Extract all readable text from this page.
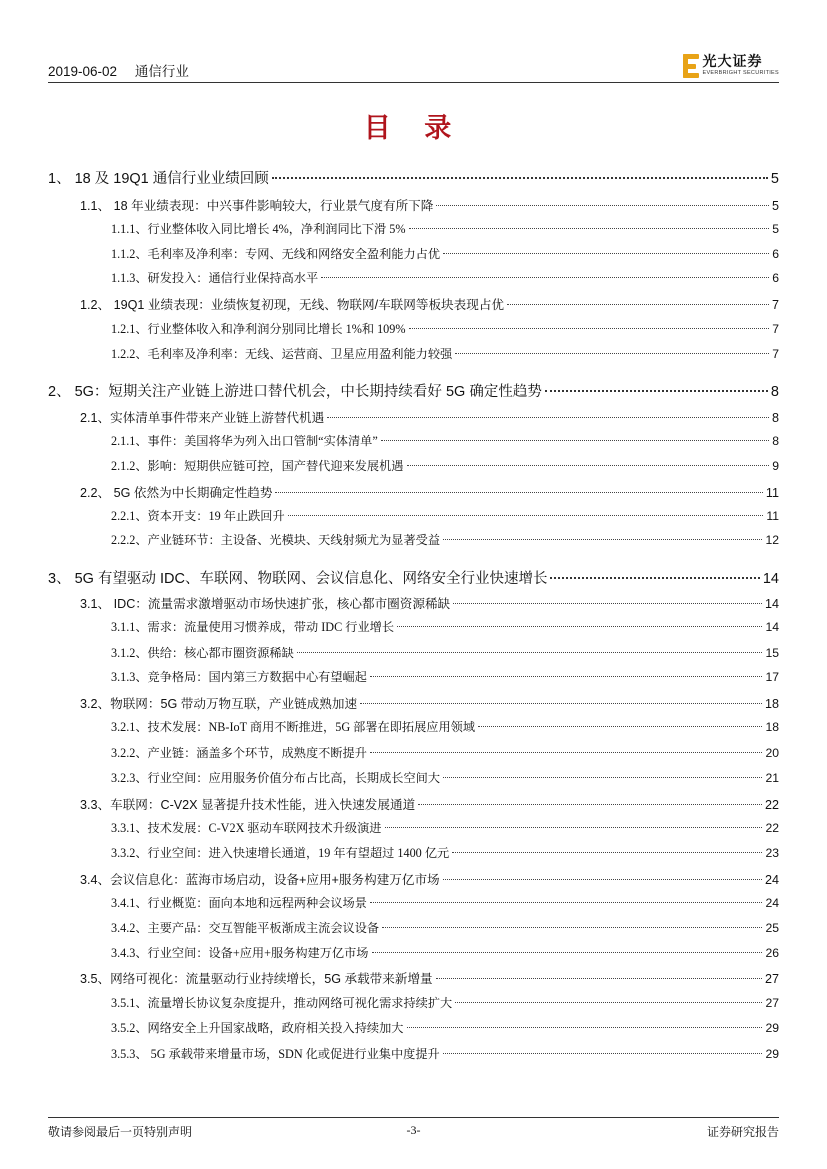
2019-06-02 通信行业
光大证券
EVERBRIGHT SECURITIES
目 录
1、 18 及 19Q1 通信行业业绩回顾	5
1.1、 18 年业绩表现：中兴事件影响较大，行业景气度有所下降	5
1.1.1、行业整体收入同比增长 4%，净利润同比下滑 5%	5
1.1.2、毛利率及净利率：专网、无线和网络安全盈利能力占优	6
1.1.3、研发投入：通信行业保持高水平	6
1.2、 19Q1 业绩表现：业绩恢复初现，无线、物联网/车联网等板块表现占优	7
1.2.1、行业整体收入和净利润分别同比增长 1%和 109%	7
1.2.2、毛利率及净利率：无线、运营商、卫星应用盈利能力较强	7
2、 5G：短期关注产业链上游进口替代机会，中长期持续看好 5G 确定性趋势	8
2.1、实体清单事件带来产业链上游替代机遇	8
2.1.1、事件：美国将华为列入出口管制“实体清单”	8
2.1.2、影响：短期供应链可控，国产替代迎来发展机遇	9
2.2、 5G 依然为中长期确定性趋势	11
2.2.1、资本开支：19 年止跌回升	11
2.2.2、产业链环节：主设备、光模块、天线射频尤为显著受益	12
3、 5G 有望驱动 IDC、车联网、物联网、会议信息化、网络安全行业快速增长	14
3.1、 IDC：流量需求激增驱动市场快速扩张，核心都市圈资源稀缺	14
3.1.1、需求：流量使用习惯养成，带动 IDC 行业增长	14
3.1.2、供给：核心都市圈资源稀缺	15
3.1.3、竞争格局：国内第三方数据中心有望崛起	17
3.2、物联网：5G 带动万物互联，产业链成熟加速	18
3.2.1、技术发展：NB-IoT 商用不断推进，5G 部署在即拓展应用领域	18
3.2.2、产业链：涵盖多个环节，成熟度不断提升	20
3.2.3、行业空间：应用服务价值分布占比高，长期成长空间大	21
3.3、车联网：C-V2X 显著提升技术性能，进入快速发展通道	22
3.3.1、技术发展：C-V2X 驱动车联网技术升级演进	22
3.3.2、行业空间：进入快速增长通道，19 年有望超过 1400 亿元	23
3.4、会议信息化：蓝海市场启动，设备+应用+服务构建万亿市场	24
3.4.1、行业概览：面向本地和远程两种会议场景	24
3.4.2、主要产品：交互智能平板渐成主流会议设备	25
3.4.3、行业空间：设备+应用+服务构建万亿市场	26
3.5、网络可视化：流量驱动行业持续增长，5G 承载带来新增量	27
3.5.1、流量增长协议复杂度提升，推动网络可视化需求持续扩大	27
3.5.2、网络安全上升国家战略，政府相关投入持续加大	29
3.5.3、 5G 承载带来增量市场，SDN 化或促进行业集中度提升	29
敬请参阅最后一页特别声明	-3-	证券研究报告
